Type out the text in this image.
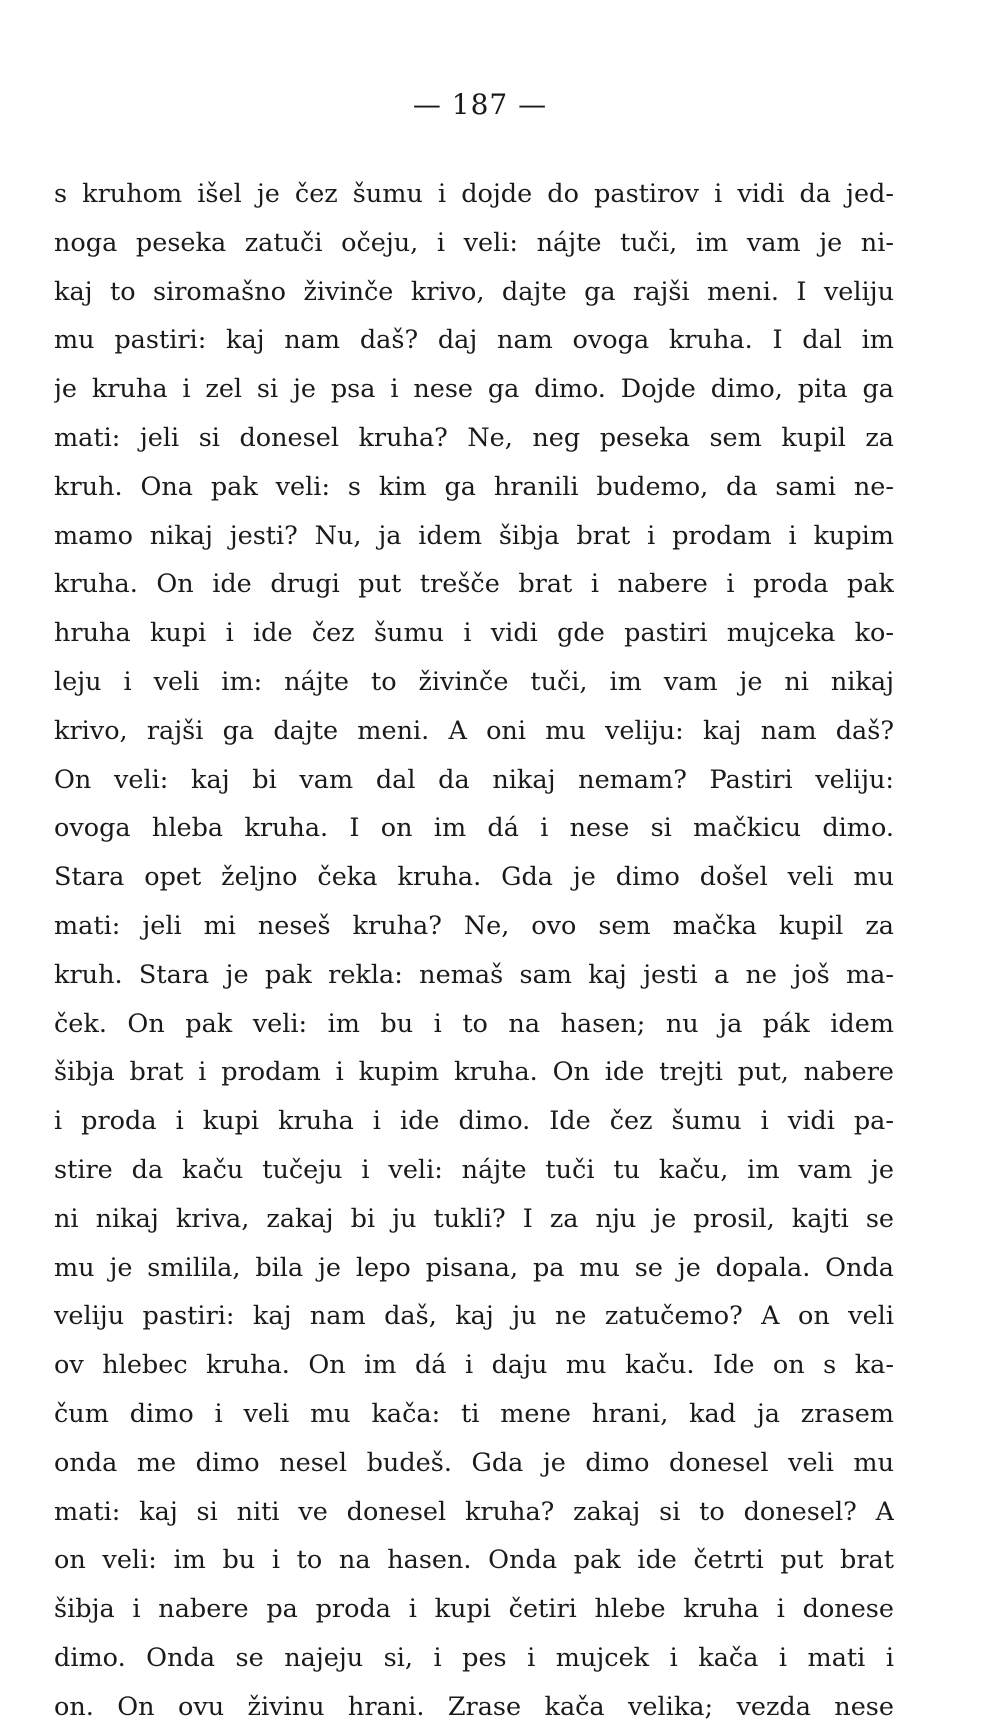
— 187 —
s kruhom išel je čez šumu i dojde do pastirov i vidi da jed-
noga peseka zatuči očeju, i veli: nájte tuči, im vam je ni-
kaj to siromašno živinče krivo, dajte ga rajši meni. I veliju
mu pastiri: kaj nam daš? daj nam ovoga kruha. I dal im
je kruha i zel si je psa i nese ga dimo. Dojde dimo, pita ga
mati: jeli si donesel kruha? Ne, neg peseka sem kupil za
kruh. Ona pak veli: s kim ga hranili budemo, da sami ne-
mamo nikaj jesti? Nu, ja idem šibja brat i prodam i kupim
kruha. On ide drugi put trešče brat i nabere i proda pak
hruha kupi i ide čez šumu i vidi gde pastiri mujceka ko-
leju i veli im: nájte to živinče tuči, im vam je ni nikaj
krivo, rajši ga dajte meni. A oni mu veliju: kaj nam daš?
On veli: kaj bi vam dal da nikaj nemam? Pastiri veliju:
ovoga hleba kruha. I on im dá i nese si mačkicu dimo.
Stara opet željno čeka kruha. Gda je dimo došel veli mu
mati: jeli mi neseš kruha? Ne, ovo sem mačka kupil za
kruh. Stara je pak rekla: nemaš sam kaj jesti a ne još ma-
ček. On pak veli: im bu i to na hasen; nu ja pák idem
šibja brat i prodam i kupim kruha. On ide trejti put, nabere
i proda i kupi kruha i ide dimo. Ide čez šumu i vidi pa-
stire da kaču tučeju i veli: nájte tuči tu kaču, im vam je
ni nikaj kriva, zakaj bi ju tukli? I za nju je prosil, kajti se
mu je smililа, bila je lepo pisana, pa mu se je dopala. Onda
veliju pastiri: kaj nam daš, kaj ju ne zatučemo? A on veli
ov hlebec kruha. On im dá i daju mu kaču. Ide on s ka-
čum dimo i veli mu kača: ti mene hrani, kad ja zrasem
onda me dimo nesel budeš. Gda je dimo donesel veli mu
mati: kaj si niti ve donesel kruha? zakaj si to donesel? A
on veli: im bu i to na hasen. Onda pak ide četrti put brat
šibja i nabere pa proda i kupi četiri hlebe kruha i donese
dimo. Onda se najeju si, i pes i mujcek i kača i mati i
on. On ovu živinu hrani. Zrase kača velika; vezda nese
